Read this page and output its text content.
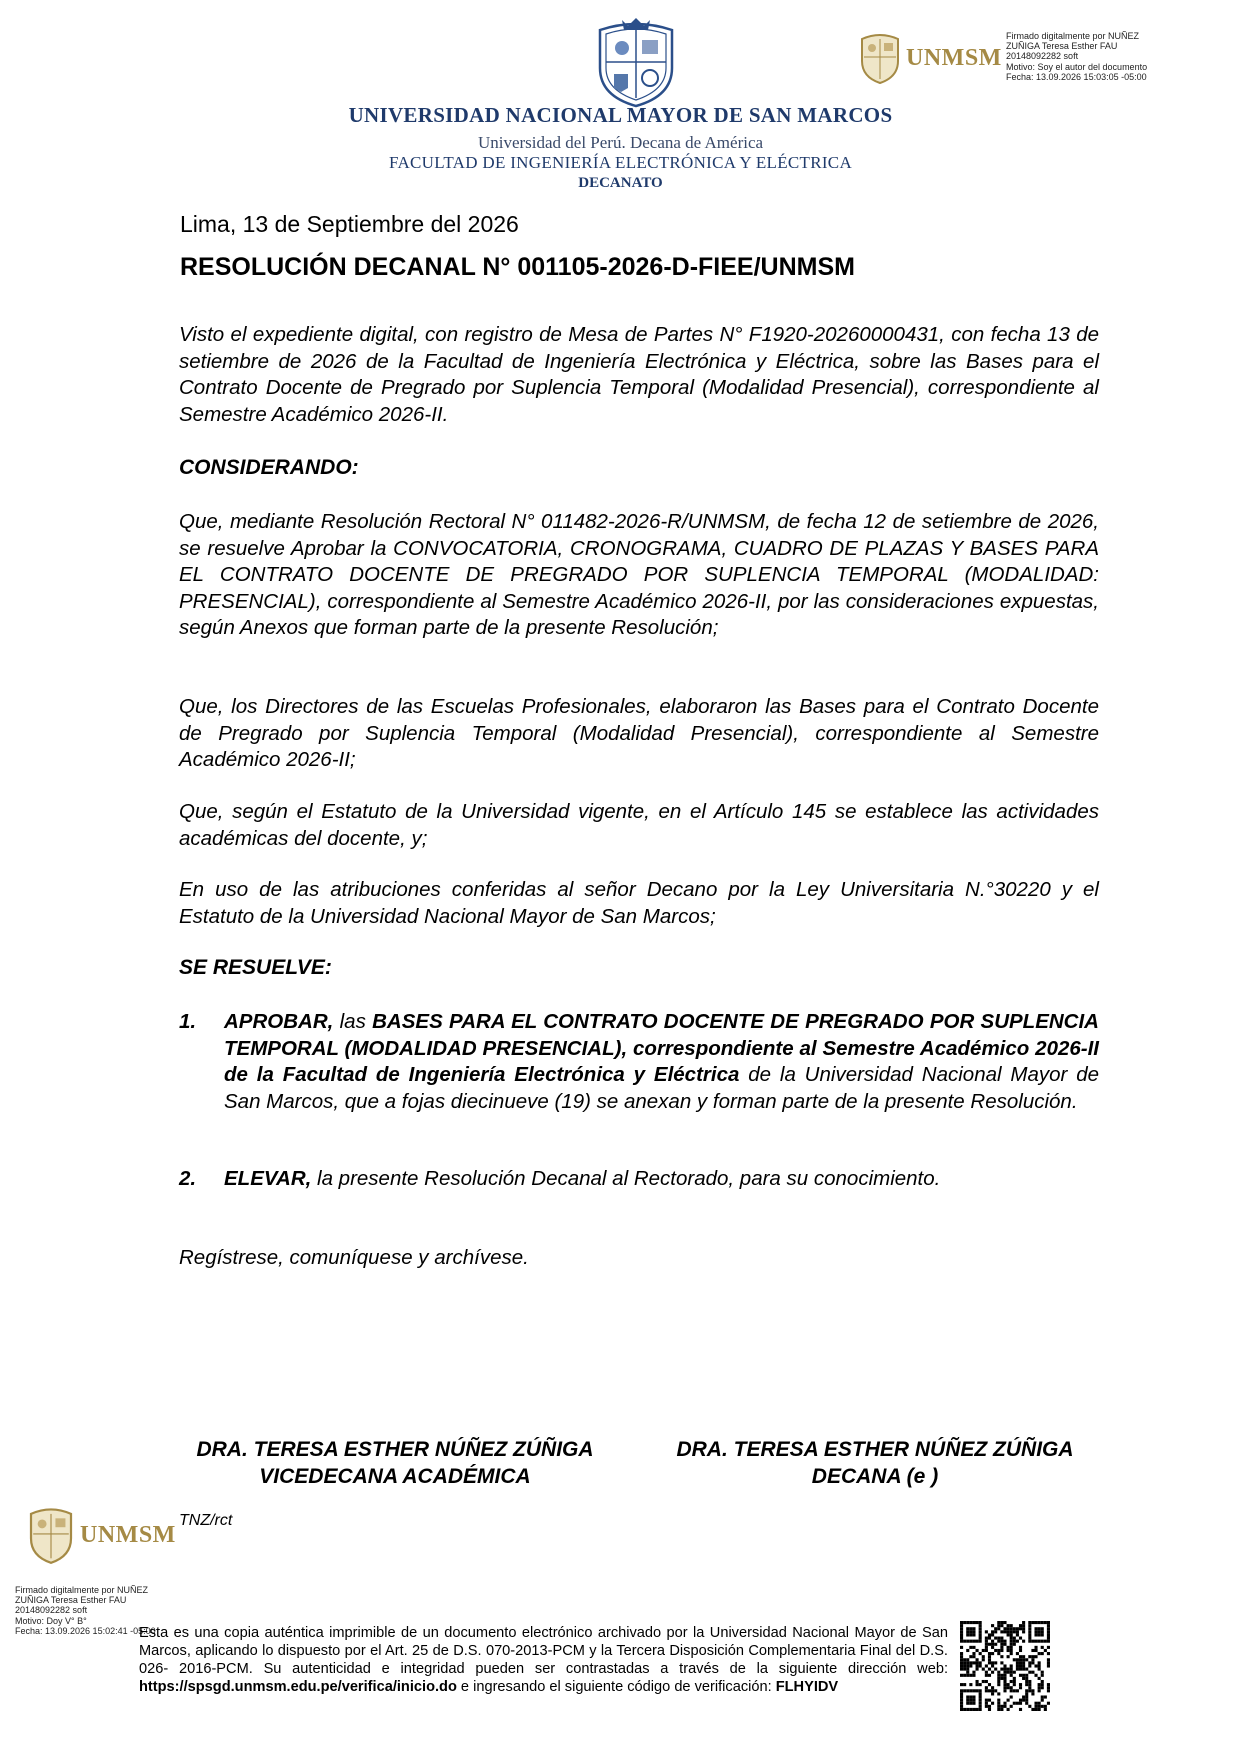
UNIVERSIDAD NACIONAL MAYOR DE SAN MARCOS
Universidad del Perú. Decana de América
FACULTAD DE INGENIERÍA ELECTRÓNICA Y ELÉCTRICA
DECANATO
UNMSM
Firmado digitalmente por NUÑEZ
ZUÑIGA Teresa Esther FAU
20148092282 soft
Motivo: Soy el autor del documento
Fecha: 13.09.2026 15:03:05 -05:00
Lima, 13 de Septiembre del 2026
RESOLUCIÓN DECANAL N° 001105-2026-D-FIEE/UNMSM
Visto el expediente digital, con registro de Mesa de Partes N° F1920-20260000431, con fecha 13 de setiembre de 2026 de la Facultad de Ingeniería Electrónica y Eléctrica, sobre las Bases para el Contrato Docente de Pregrado por Suplencia Temporal (Modalidad Presencial), correspondiente al Semestre Académico 2026-II.
CONSIDERANDO:
Que, mediante Resolución Rectoral N° 011482-2026-R/UNMSM, de fecha 12 de setiembre de 2026, se resuelve Aprobar la CONVOCATORIA, CRONOGRAMA, CUADRO DE PLAZAS Y BASES PARA EL CONTRATO DOCENTE DE PREGRADO POR SUPLENCIA TEMPORAL (MODALIDAD: PRESENCIAL), correspondiente al Semestre Académico 2026-II, por las consideraciones expuestas, según Anexos que forman parte de la presente Resolución;
Que, los Directores de las Escuelas Profesionales, elaboraron las Bases para el Contrato Docente de Pregrado por Suplencia Temporal (Modalidad Presencial), correspondiente al Semestre Académico 2026-II;
Que, según el Estatuto de la Universidad vigente, en el Artículo 145 se establece las actividades académicas del docente, y;
En uso de las atribuciones conferidas al señor Decano por la Ley Universitaria N.°30220 y el Estatuto de la Universidad Nacional Mayor de San Marcos;
SE RESUELVE:
1. APROBAR, las BASES PARA EL CONTRATO DOCENTE DE PREGRADO POR SUPLENCIA TEMPORAL (MODALIDAD PRESENCIAL), correspondiente al Semestre Académico 2026-II de la Facultad de Ingeniería Electrónica y Eléctrica de la Universidad Nacional Mayor de San Marcos, que a fojas diecinueve (19) se anexan y forman parte de la presente Resolución.
2. ELEVAR, la presente Resolución Decanal al Rectorado, para su conocimiento.
Regístrese, comuníquese y archívese.
DRA. TERESA ESTHER NÚÑEZ ZÚÑIGA
VICEDECANA ACADÉMICA
DRA. TERESA ESTHER NÚÑEZ ZÚÑIGA
DECANA (e )
UNMSM
TNZ/rct
Firmado digitalmente por NUÑEZ
ZUÑIGA Teresa Esther FAU
20148092282 soft
Motivo: Doy V° B°
Fecha: 13.09.2026 15:02:41 -05:00
Esta es una copia auténtica imprimible de un documento electrónico archivado por la Universidad Nacional Mayor de San Marcos, aplicando lo dispuesto por el Art. 25 de D.S. 070-2013-PCM y la Tercera Disposición Complementaria Final del D.S. 026- 2016-PCM. Su autenticidad e integridad pueden ser contrastadas a través de la siguiente dirección web: https://spsgd.unmsm.edu.pe/verifica/inicio.do e ingresando el siguiente código de verificación: FLHYIDV
